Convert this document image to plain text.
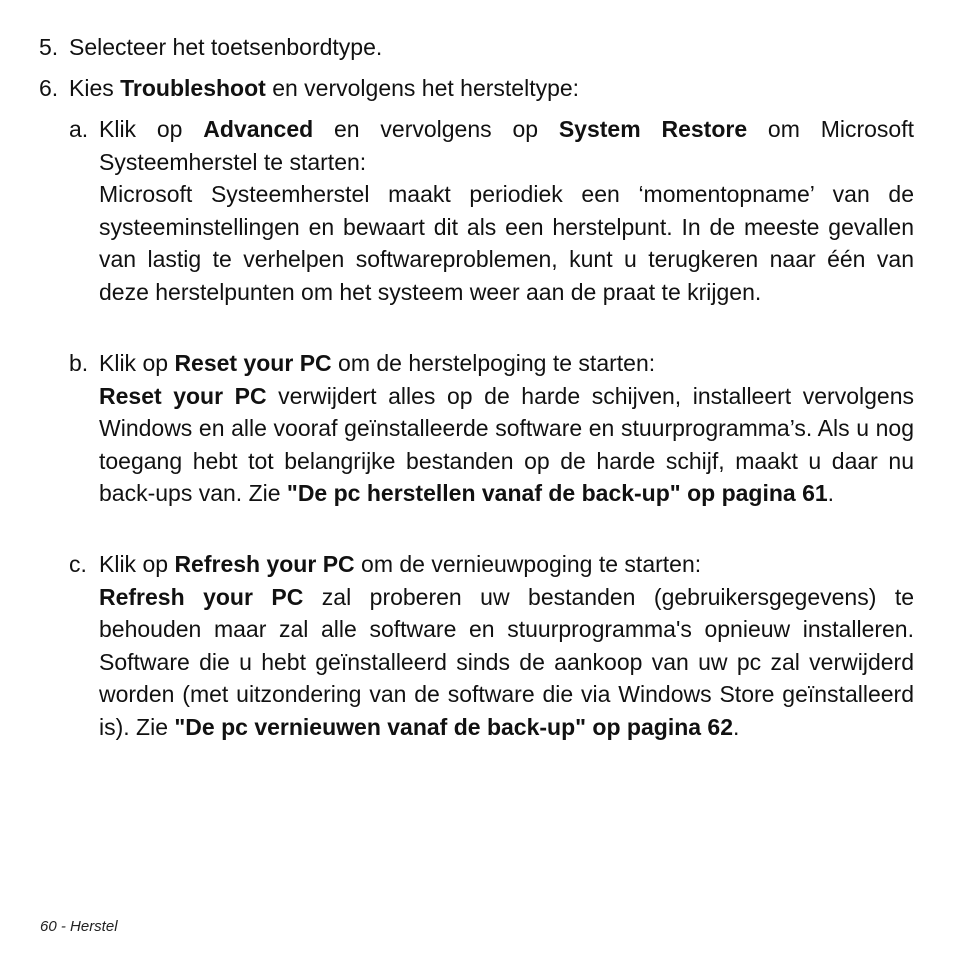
5. Selecteer het toetsenbordtype.
6. Kies Troubleshoot en vervolgens het hersteltype:
a. Klik op Advanced en vervolgens op System Restore om Microsoft Systeemherstel te starten:

Microsoft Systeemherstel maakt periodiek een ‘momentopname’ van de systeeminstellingen en bewaart dit als een herstelpunt. In de meeste gevallen van lastig te verhelpen softwareproblemen, kunt u terugkeren naar één van deze herstelpunten om het systeem weer aan de praat te krijgen.

b. Klik op Reset your PC om de herstelpoging te starten:

Reset your PC verwijdert alles op de harde schijven, installeert vervolgens Windows en alle vooraf geïnstalleerde software en stuurprogramma’s. Als u nog toegang hebt tot belangrijke bestanden op de harde schijf, maakt u daar nu back-ups van. Zie "De pc herstellen vanaf de back-up" op pagina 61.

c. Klik op Refresh your PC om de vernieuwpoging te starten:

Refresh your PC zal proberen uw bestanden (gebruikersgegevens) te behouden maar zal alle software en stuurprogramma's opnieuw installeren. Software die u hebt geïnstalleerd sinds de aankoop van uw pc zal verwijderd worden (met uitzondering van de software die via Windows Store geïnstalleerd is). Zie "De pc vernieuwen vanaf de back-up" op pagina 62.

60 - Herstel
